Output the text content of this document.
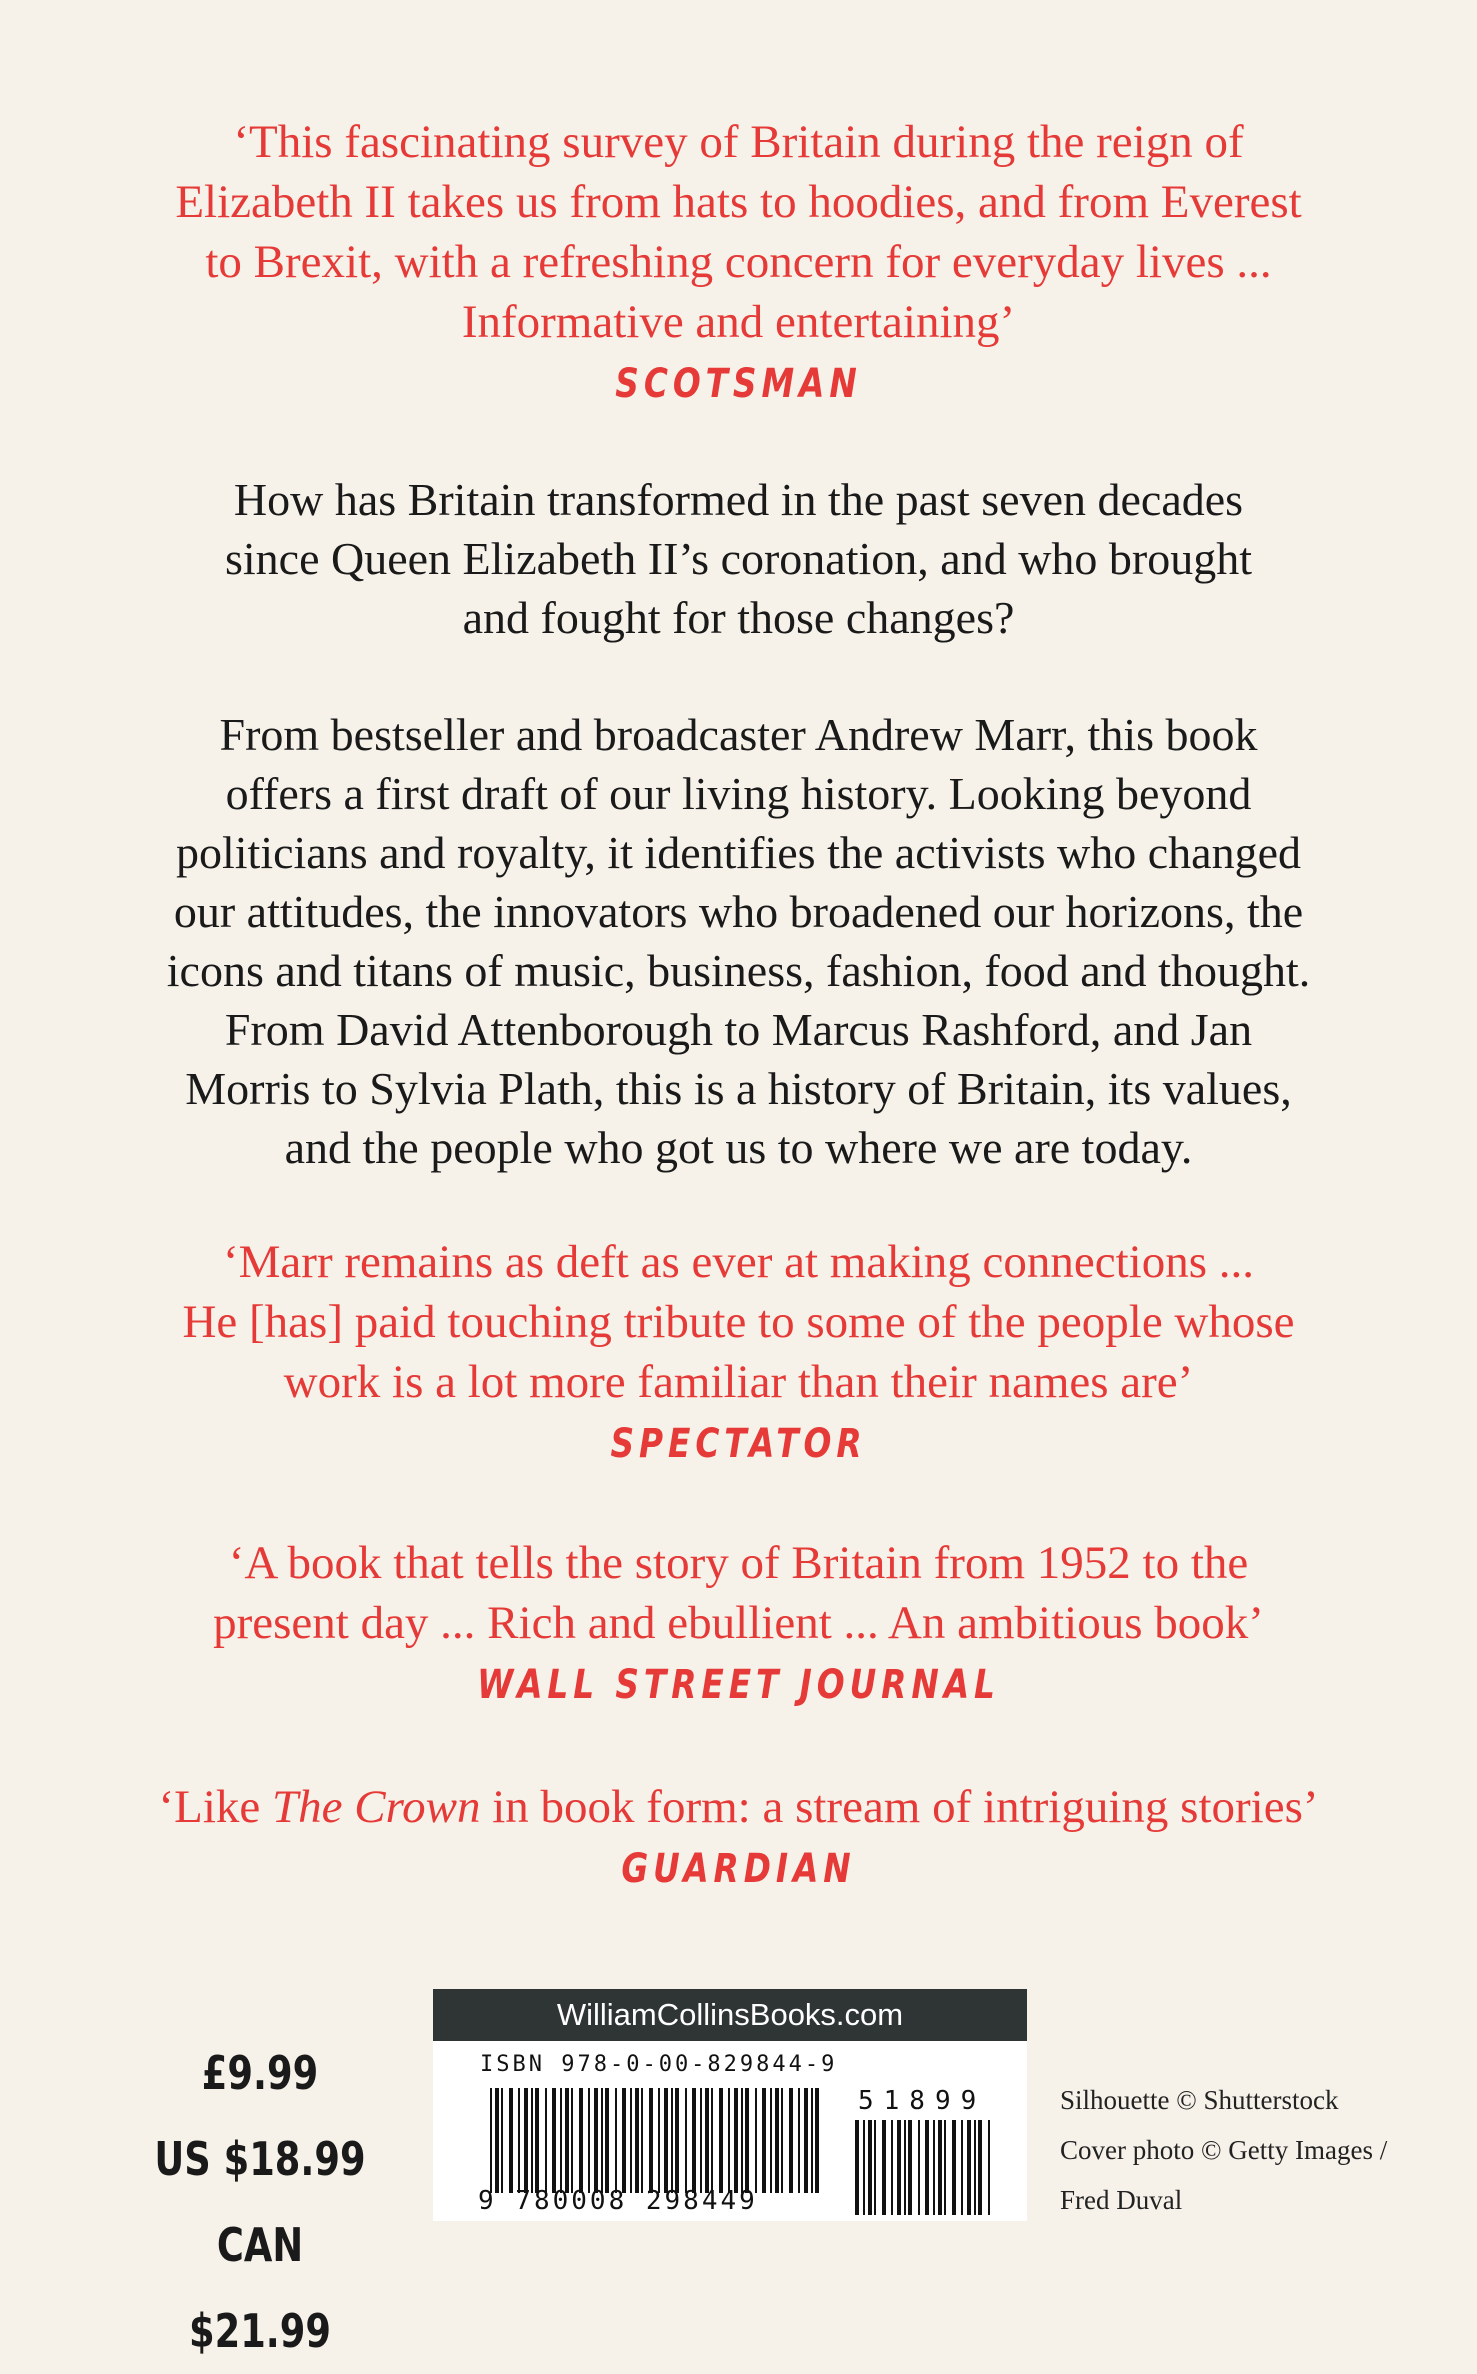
‘This fascinating survey of Britain during the reign of
Elizabeth II takes us from hats to hoodies, and from Everest
to Brexit, with a refreshing concern for everyday lives ...
Informative and entertaining’
SCOTSMAN
How has Britain transformed in the past seven decades
since Queen Elizabeth II’s coronation, and who brought
and fought for those changes?
From bestseller and broadcaster Andrew Marr, this book
offers a first draft of our living history. Looking beyond
politicians and royalty, it identifies the activists who changed
our attitudes, the innovators who broadened our horizons, the
icons and titans of music, business, fashion, food and thought.
From David Attenborough to Marcus Rashford, and Jan
Morris to Sylvia Plath, this is a history of Britain, its values,
and the people who got us to where we are today.
‘Marr remains as deft as ever at making connections ...
He [has] paid touching tribute to some of the people whose
work is a lot more familiar than their names are’
SPECTATOR
‘A book that tells the story of Britain from 1952 to the
present day ... Rich and ebullient ... An ambitious book’
WALL STREET JOURNAL
‘Like The Crown in book form: a stream of intriguing stories’
GUARDIAN
£9.99
US $18.99
CAN $21.99
WilliamCollinsBooks.com
ISBN 978-0-00-829844-9
9 780008 298449
51899	Silhouette © Shutterstock
Cover photo © Getty Images /
Fred Duval
